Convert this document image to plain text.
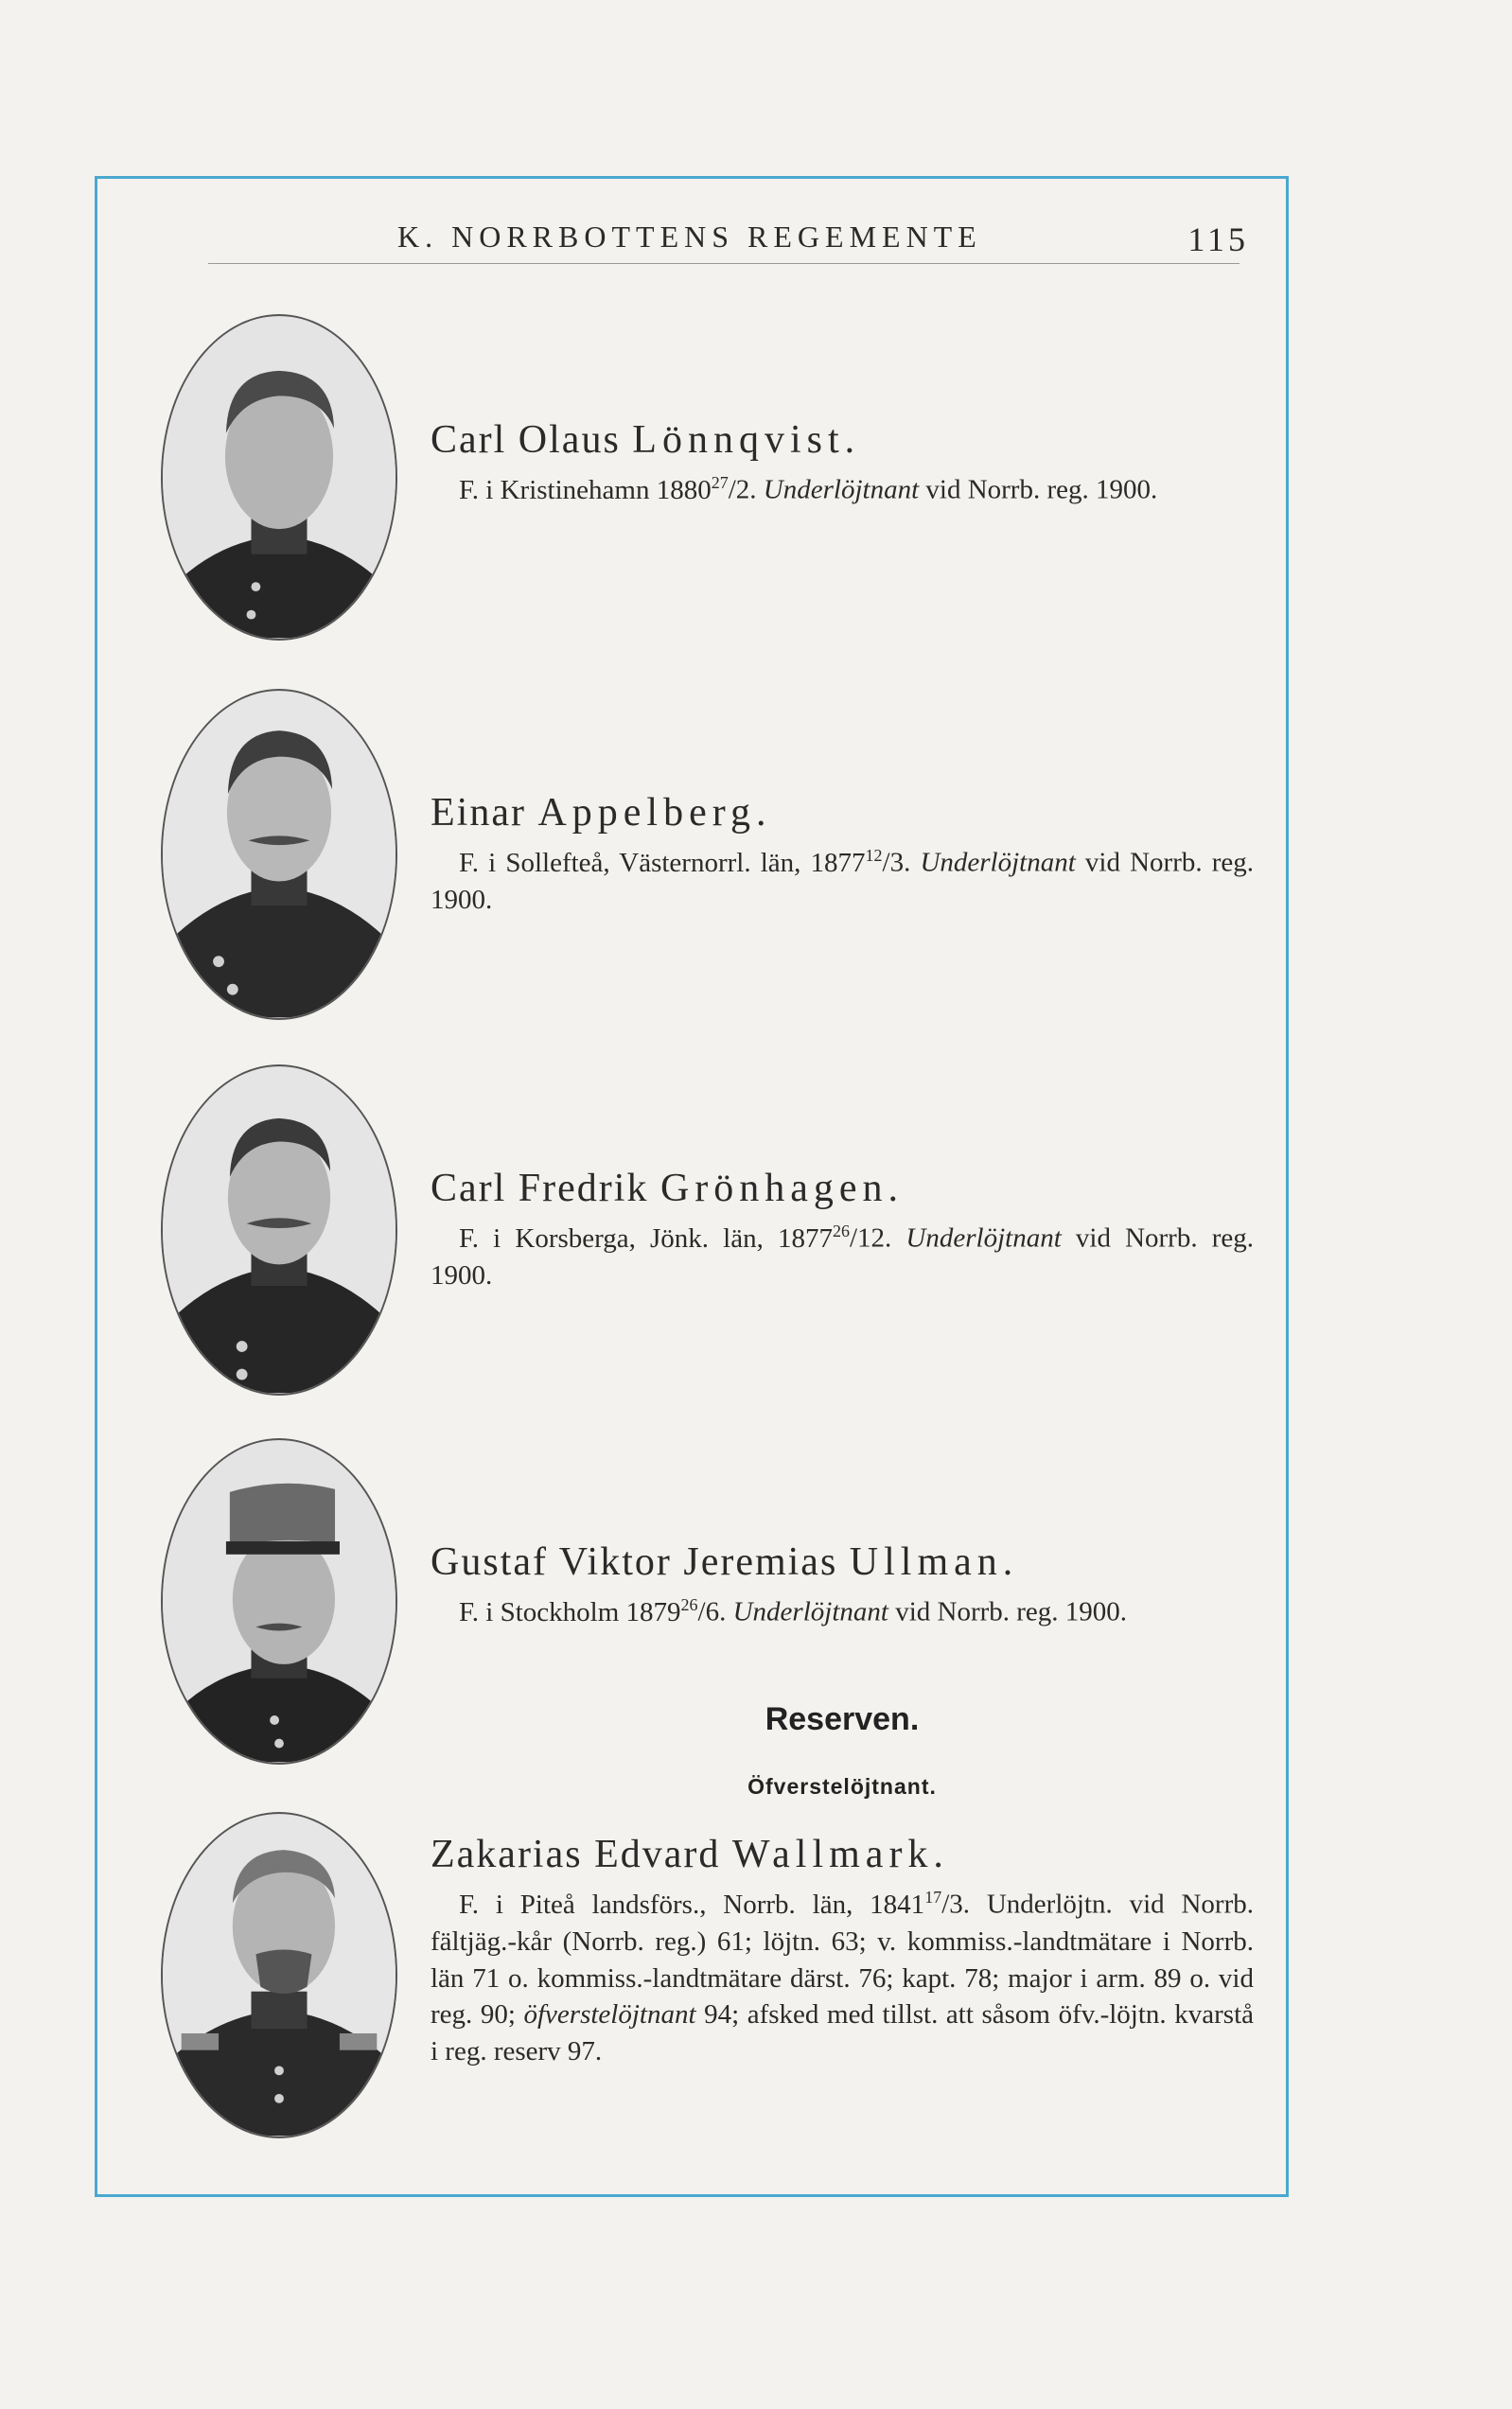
K. NORRBOTTENS REGEMENTE	115

Carl Olaus Lönnqvist.

F. i Kristinehamn 1880$^{27}$/2. Underlöjtnant vid Norrb. reg. 1900.

Einar Appelberg.

F. i Sollefteå, Västernorrl. län, 1877$^{12}$/3. Underlöjtnant vid Norrb. reg. 1900.

Carl Fredrik Grönhagen.

F. i Korsberga, Jönk. län, 1877$^{26}$/12. Underlöjtnant vid Norrb. reg. 1900.

Gustaf Viktor Jeremias Ullman.

F. i Stockholm 1879$^{26}$/6. Underlöjtnant vid Norrb. reg. 1900.

Reserven.
Öfverstelöjtnant.

Zakarias Edvard Wallmark.

F. i Piteå landsförs., Norrb. län, 1841$^{17}$/3. Underlöjtn. vid Norrb. fältjäg.-kår (Norrb. reg.) 61; löjtn. 63; v. kommiss.-landtmätare i Norrb. län 71 o. kommiss.-landtmätare därst. 76; kapt. 78; major i arm. 89 o. vid reg. 90; öfverstelöjtnant 94; afsked med tillst. att såsom öfv.-löjtn. kvarstå i reg. reserv 97.
